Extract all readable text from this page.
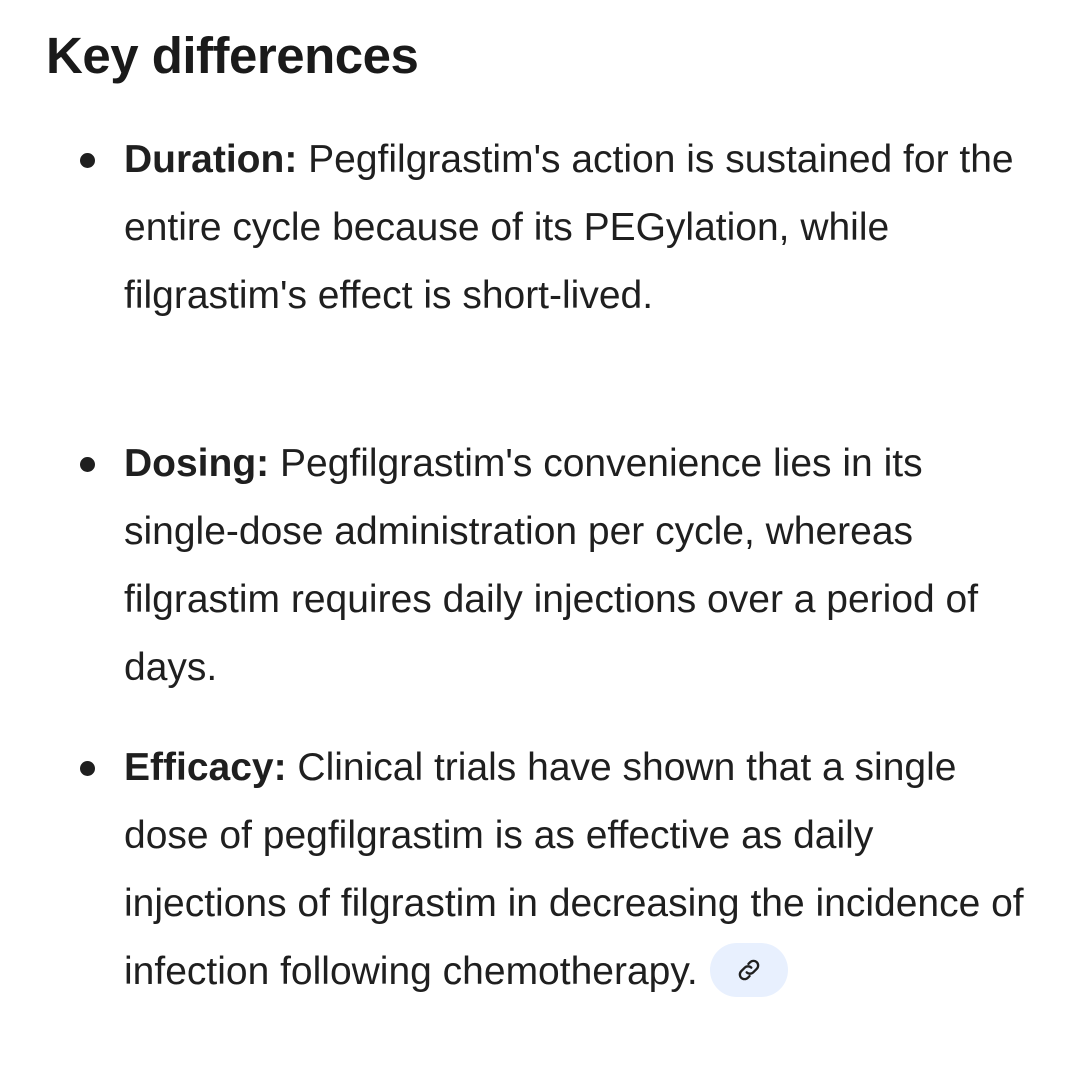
Key differences

Duration: Pegfilgrastim's action is sustained for the entire cycle because of its PEGylation, while filgrastim's effect is short-lived.

Dosing: Pegfilgrastim's convenience lies in its single-dose administration per cycle, whereas filgrastim requires daily injections over a period of days.

Efficacy: Clinical trials have shown that a single dose of pegfilgrastim is as effective as daily injections of filgrastim in decreasing the incidence of infection following chemotherapy.
